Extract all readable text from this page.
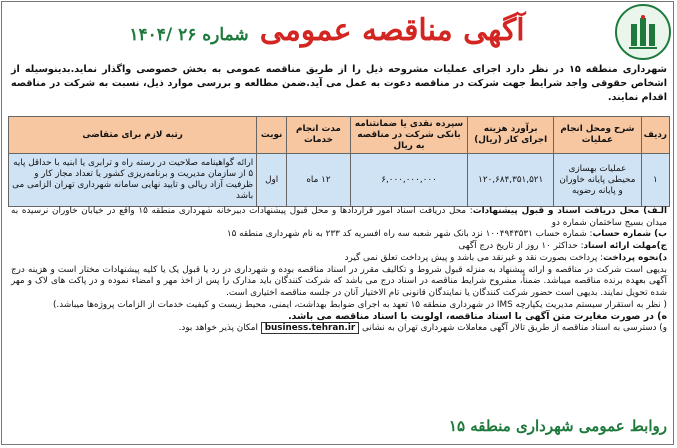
آگهی مناقصه عمومی شماره ۲۶ /۱۴۰۴
شهرداری منطقه ۱۵ در نظر دارد اجرای عملیات مشروحه ذیل را از طریق مناقصه عمومی به بخش خصوصی واگذار نماید.بدینوسیله از اشخاص حقوقی واجد شرایط جهت شرکت در مناقصه دعوت به عمل می آید.ضمن مطالعه و بررسی موارد ذیل، نسبت به شرکت در مناقصه اقدام نمایند.
ردیف	شرح ومحل انجام عملیات	برآورد هزینه اجرای کار (ریال)	سپرده نقدی یا ضمانتنامه بانکی شرکت در مناقصه به ریال	مدت انجام خدمات	نوبت	رتبه لازم برای متقاضی
۱	عملیات بهسازی محیطی پایانه خاوران و پایانه رضویه	۱۲۰,۶۸۴,۳۵۱,۵۲۱	۶,۰۰۰,۰۰۰,۰۰۰	۱۲ ماه	اول	ارائه گواهینامه صلاحیت در رسته راه و ترابری یا ابنیه با حداقل پایه ۵ از سازمان مدیریت و برنامه‌ریزی کشور یا تعداد مجاز کار و ظرفیت آزاد ریالی و تایید نهایی سامانه شهرداری تهران الزامی می باشد

الـف) محل دریافت اسناد و قبول پیشنهادات: محل دریافت اسناد امور قراردادها و محل قبول پیشنهادات دبیرخانه شهرداری منطقه ۱۵ واقع در خیابان خاوران نرسیده به میدان بسیج ساختمان شماره دو

ب) شماره حساب: شماره حساب ۱۰۰۴۹۴۳۵۳۱ نزد بانک شهر شعبه سه راه افسریه کد ۲۳۳ به نام شهرداری منطقه ۱۵

ج)مهلت ارائه اسناد: حداکثر ۱۰ روز از تاریخ درج آگهی

د)نحوه پرداخت: پرداخت بصورت نقد و غیرنقد می باشد و پیش پرداخت تعلق نمی گیرد

بدیهی است شرکت در مناقصه و ارائه پیشنهاد به منزله قبول شروط و تکالیف مقرر در اسناد مناقصه بوده و شهرداری در رد یا قبول یک یا کلیه پیشنهادات مختار است و هزینه درج آگهی بعهده برنده مناقصه میباشد. ضمناً، مشروح شرایط مناقصه در اسناد درج می باشد که شرکت کنندگان باید مدارک را پس از اخذ مهر و امضاء نموده و در پاکت های لاک و مهر شده تحویل نمایند. بدیهی است حضور شرکت کنندگان یا نمایندگان قانونی تام الاختیار آنان در جلسه مناقصه اختیاری است.

( نظر به استقرار سیستم مدیریت یکپارچه IMS در شهرداری منطقه ۱۵ تعهد به اجرای ضوابط بهداشت، ایمنی، محیط زیست و کیفیت خدمات از الزامات پروژه‌ها میباشد.)

ه) در صورت مغایرت متن آگهی با اسناد مناقصه، اولویت با اسناد مناقصه می باشد.

و) دسترسی به اسناد مناقصه از طریق تالار آگهی معاملات شهرداری تهران به نشانی business.tehran.ir امکان پذیر خواهد بود.

روابط عمومی شهرداری منطقه ۱۵
